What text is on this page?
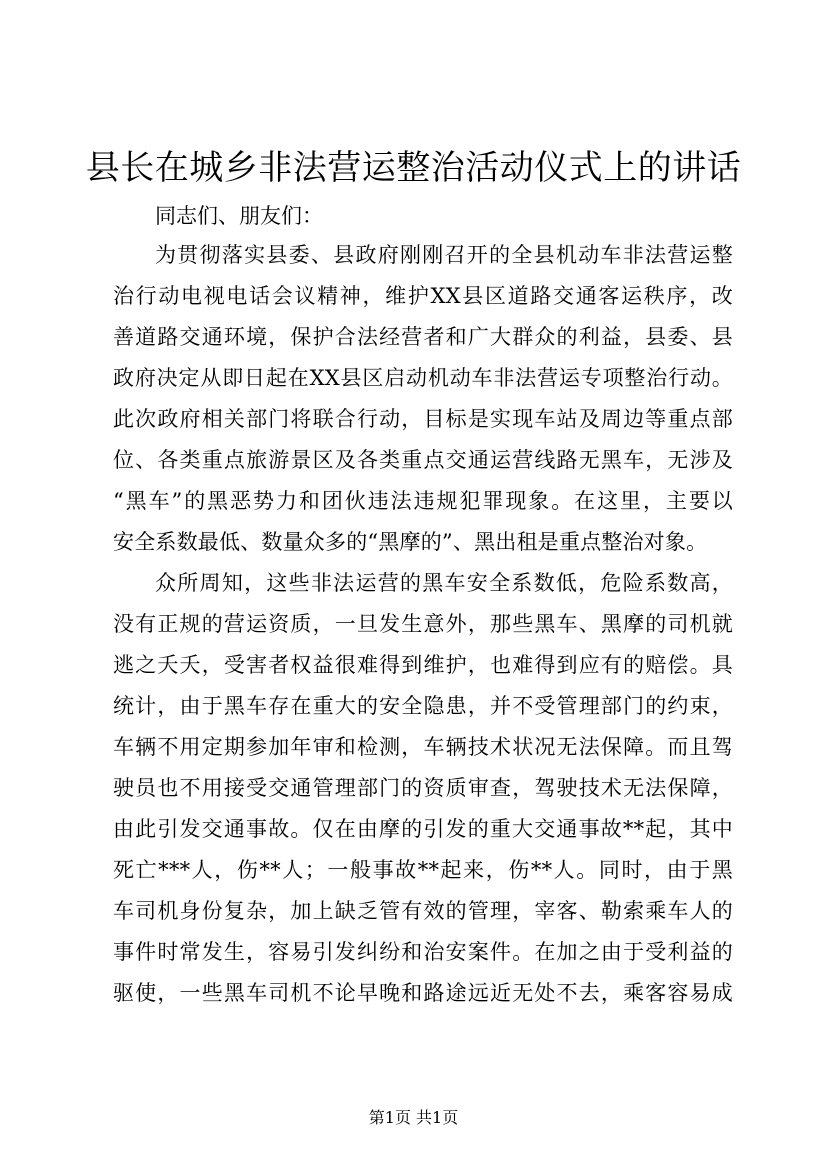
县长在城乡非法营运整治活动仪式上的讲话
同志们、朋友们：
为贯彻落实县委、县政府刚刚召开的全县机动车非法营运整
治行动电视电话会议精神，维护XX县区道路交通客运秩序，改
善道路交通环境，保护合法经营者和广大群众的利益，县委、县
政府决定从即日起在XX县区启动机动车非法营运专项整治行动。
此次政府相关部门将联合行动，目标是实现车站及周边等重点部
位、各类重点旅游景区及各类重点交通运营线路无黑车，无涉及
“黑车”的黑恶势力和团伙违法违规犯罪现象。在这里，主要以
安全系数最低、数量众多的“黑摩的”、黑出租是重点整治对象。
众所周知，这些非法运营的黑车安全系数低，危险系数高，
没有正规的营运资质，一旦发生意外，那些黑车、黑摩的司机就
逃之夭夭，受害者权益很难得到维护，也难得到应有的赔偿。具
统计，由于黑车存在重大的安全隐患，并不受管理部门的约束，
车辆不用定期参加年审和检测，车辆技术状况无法保障。而且驾
驶员也不用接受交通管理部门的资质审查，驾驶技术无法保障，
由此引发交通事故。仅在由摩的引发的重大交通事故**起，其中
死亡***人，伤**人；一般事故**起来，伤**人。同时，由于黑
车司机身份复杂，加上缺乏管有效的管理，宰客、勒索乘车人的
事件时常发生，容易引发纠纷和治安案件。在加之由于受利益的
驱使，一些黑车司机不论早晚和路途远近无处不去，乘客容易成
第1页 共1页
